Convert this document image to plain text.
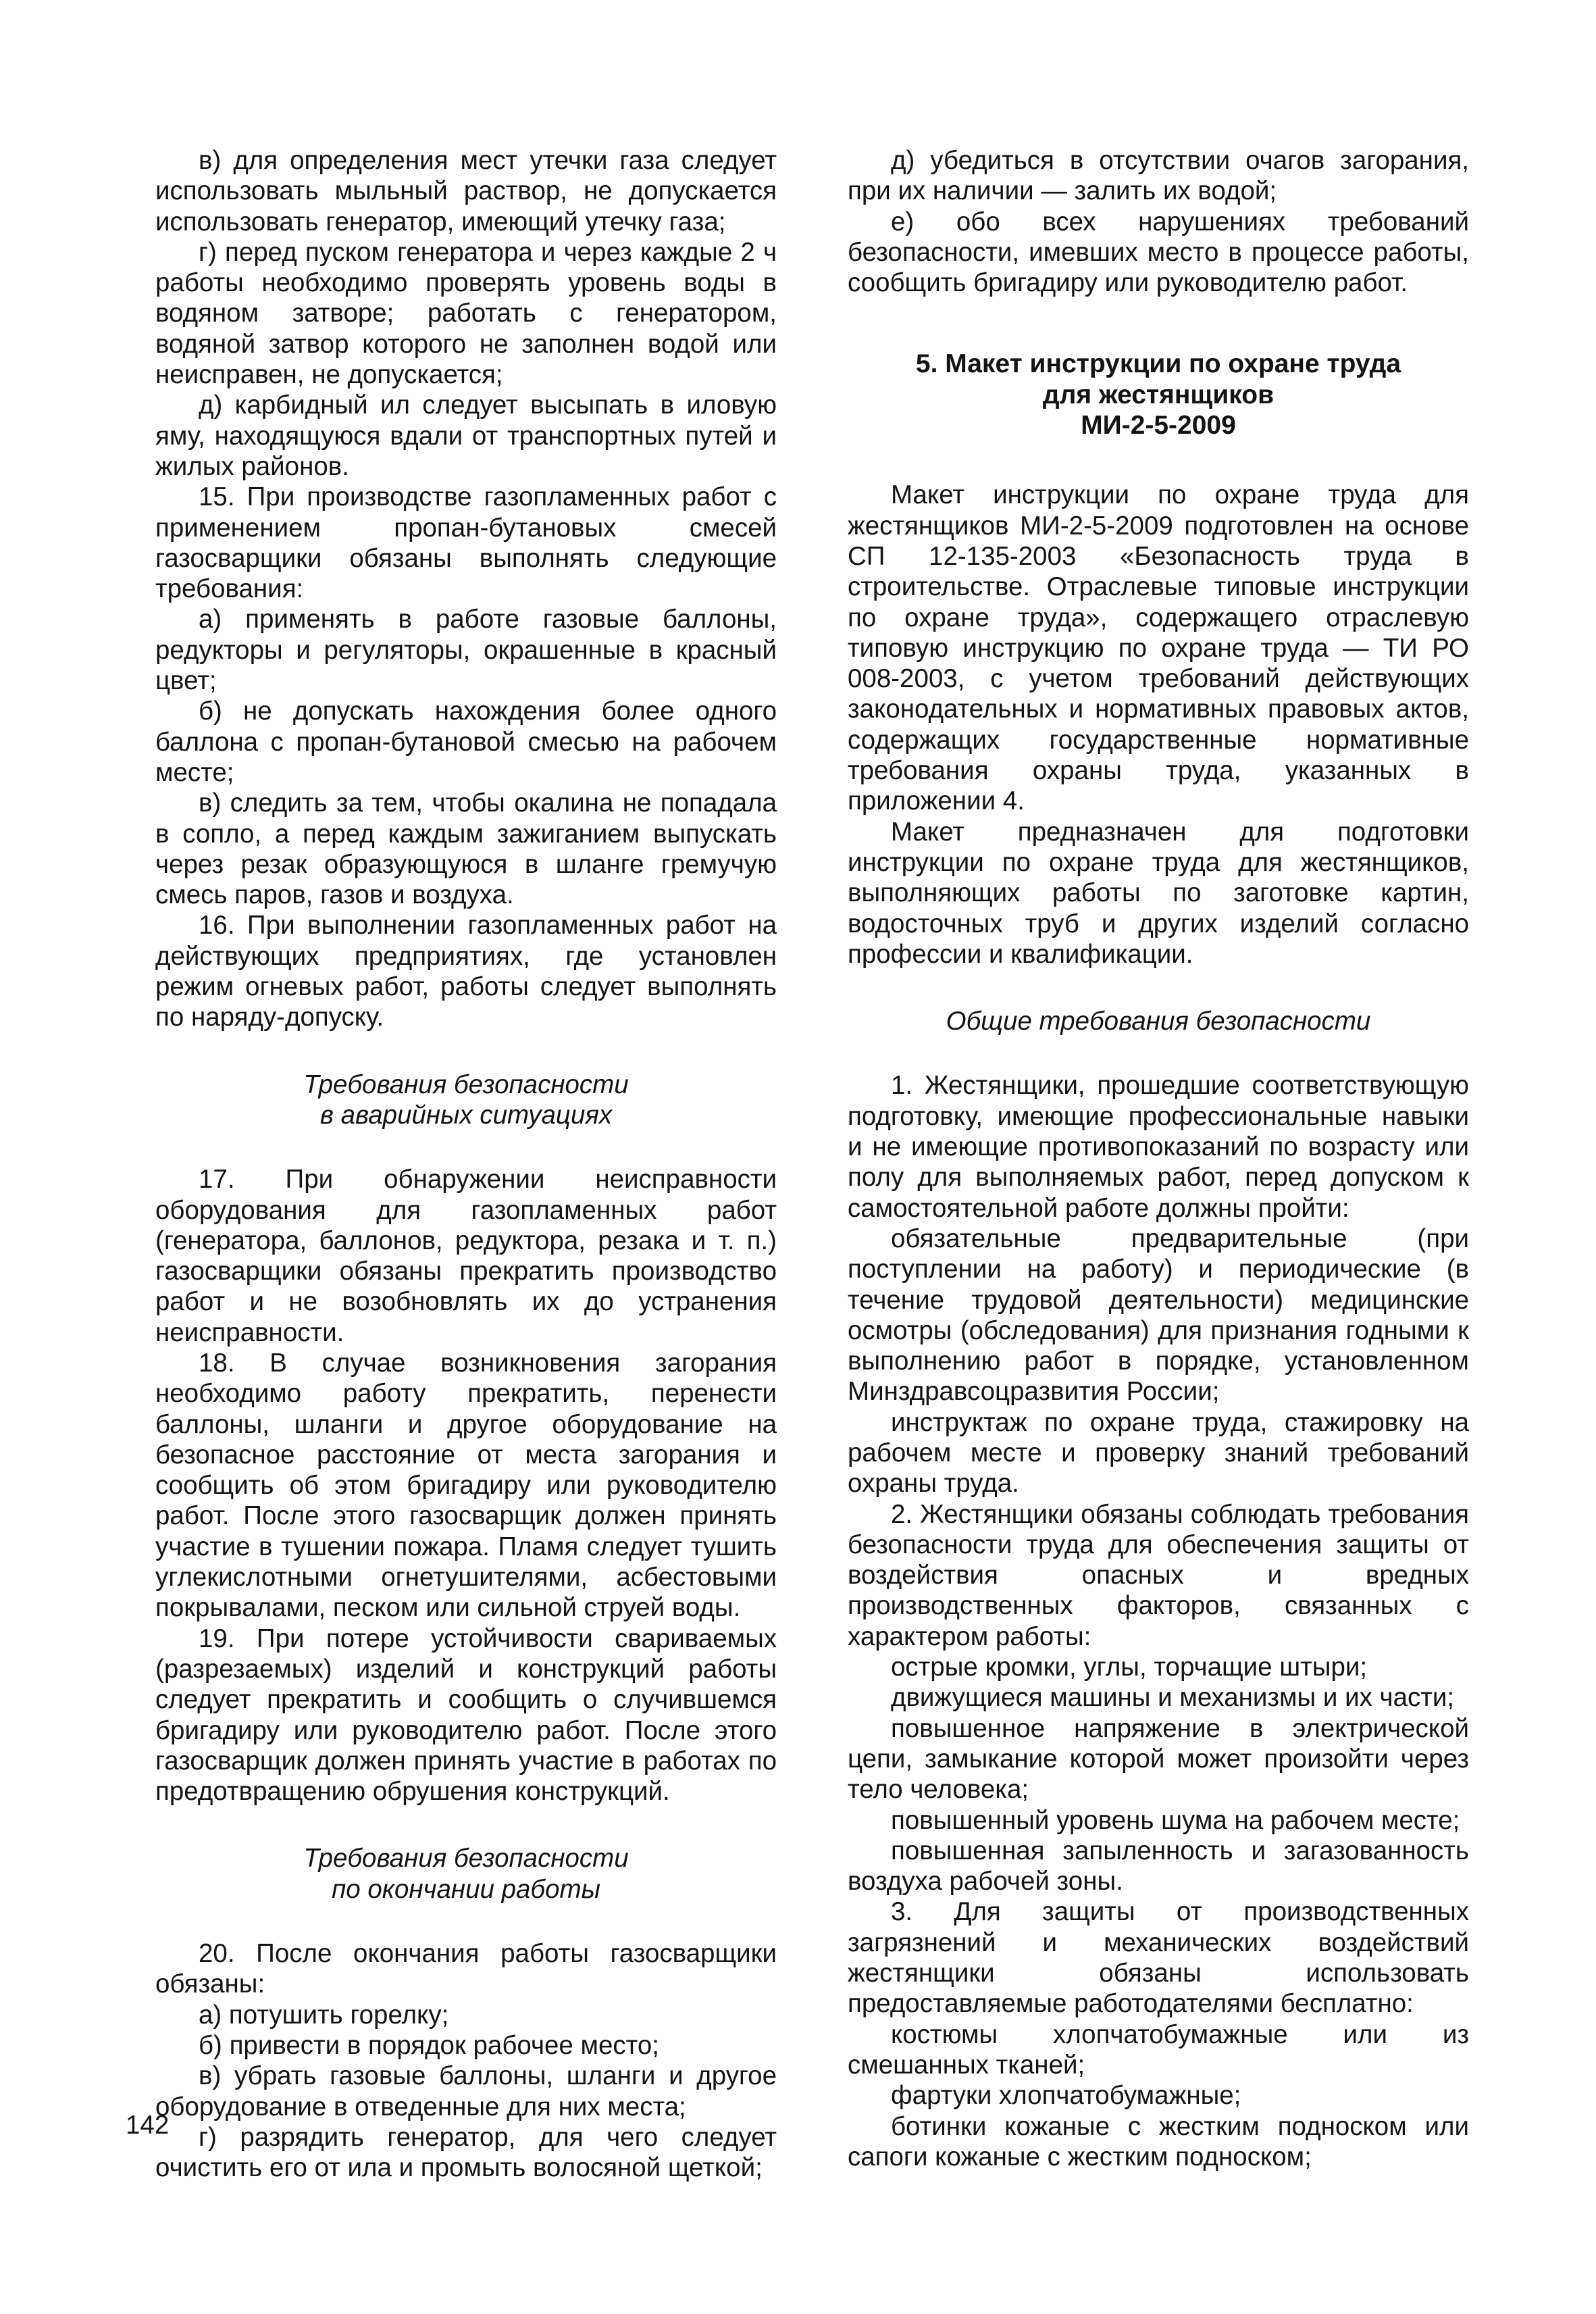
в) для определения мест утечки газа следует использовать мыльный раствор, не допускается использовать генератор, имеющий утечку газа;

г) перед пуском генератора и через каждые 2 ч работы необходимо проверять уровень воды в водяном затворе; работать с генератором, водяной затвор которого не заполнен водой или неисправен, не допускается;

д) карбидный ил следует высыпать в иловую яму, находящуюся вдали от транспортных путей и жилых районов.

15. При производстве газопламенных работ с применением пропан-бутановых смесей газосварщики обязаны выполнять следующие требования:

а) применять в работе газовые баллоны, редукторы и регуляторы, окрашенные в красный цвет;

б) не допускать нахождения более одного баллона с пропан-бутановой смесью на рабочем месте;

в) следить за тем, чтобы окалина не попадала в сопло, а перед каждым зажиганием выпускать через резак образующуюся в шланге гремучую смесь паров, газов и воздуха.

16. При выполнении газопламенных работ на действующих предприятиях, где установлен режим огневых работ, работы следует выполнять по наряду-допуску.

Требования безопасности
в аварийных ситуациях

17. При обнаружении неисправности оборудования для газопламенных работ (генератора, баллонов, редуктора, резака и т. п.) газосварщики обязаны прекратить производство работ и не возобновлять их до устранения неисправности.

18. В случае возникновения загорания необходимо работу прекратить, перенести баллоны, шланги и другое оборудование на безопасное расстояние от места загорания и сообщить об этом бригадиру или руководителю работ. После этого газосварщик должен принять участие в тушении пожара. Пламя следует тушить углекислотными огнетушителями, асбестовыми покрывалами, песком или сильной струей воды.

19. При потере устойчивости свариваемых (разрезаемых) изделий и конструкций работы следует прекратить и сообщить о случившемся бригадиру или руководителю работ. После этого газосварщик должен принять участие в работах по предотвращению обрушения конструкций.

Требования безопасности
по окончании работы

20. После окончания работы газосварщики обязаны:

а) потушить горелку;

б) привести в порядок рабочее место;

в) убрать газовые баллоны, шланги и другое оборудование в отведенные для них места;

г) разрядить генератор, для чего следует очистить его от ила и промыть волосяной щеткой;

д) убедиться в отсутствии очагов загорания, при их наличии — залить их водой;

е) обо всех нарушениях требований безопасности, имевших место в процессе работы, сообщить бригадиру или руководителю работ.

5. Макет инструкции по охране труда
для жестянщиков
МИ-2-5-2009

Макет инструкции по охране труда для жестянщиков МИ-2-5-2009 подготовлен на основе СП 12-135-2003 «Безопасность труда в строительстве. Отраслевые типовые инструкции по охране труда», содержащего отраслевую типовую инструкцию по охране труда — ТИ РО 008-2003, с учетом требований действующих законодательных и нормативных правовых актов, содержащих государственные нормативные требования охраны труда, указанных в приложении 4.

Макет предназначен для подготовки инструкции по охране труда для жестянщиков, выполняющих работы по заготовке картин, водосточных труб и других изделий согласно профессии и квалификации.

Общие требования безопасности

1. Жестянщики, прошедшие соответствующую подготовку, имеющие профессиональные навыки и не имеющие противопоказаний по возрасту или полу для выполняемых работ, перед допуском к самостоятельной работе должны пройти:

обязательные предварительные (при поступлении на работу) и периодические (в течение трудовой деятельности) медицинские осмотры (обследования) для признания годными к выполнению работ в порядке, установленном Минздравсоцразвития России;

инструктаж по охране труда, стажировку на рабочем месте и проверку знаний требований охраны труда.

2. Жестянщики обязаны соблюдать требования безопасности труда для обеспечения защиты от воздействия опасных и вредных производственных факторов, связанных с характером работы:

острые кромки, углы, торчащие штыри;

движущиеся машины и механизмы и их части;

повышенное напряжение в электрической цепи, замыкание которой может произойти через тело человека;

повышенный уровень шума на рабочем месте;

повышенная запыленность и загазованность воздуха рабочей зоны.

3. Для защиты от производственных загрязнений и механических воздействий жестянщики обязаны использовать предоставляемые работодателями бесплатно:

костюмы хлопчатобумажные или из смешанных тканей;

фартуки хлопчатобумажные;

ботинки кожаные с жестким подноском или сапоги кожаные с жестким подноском;

142
